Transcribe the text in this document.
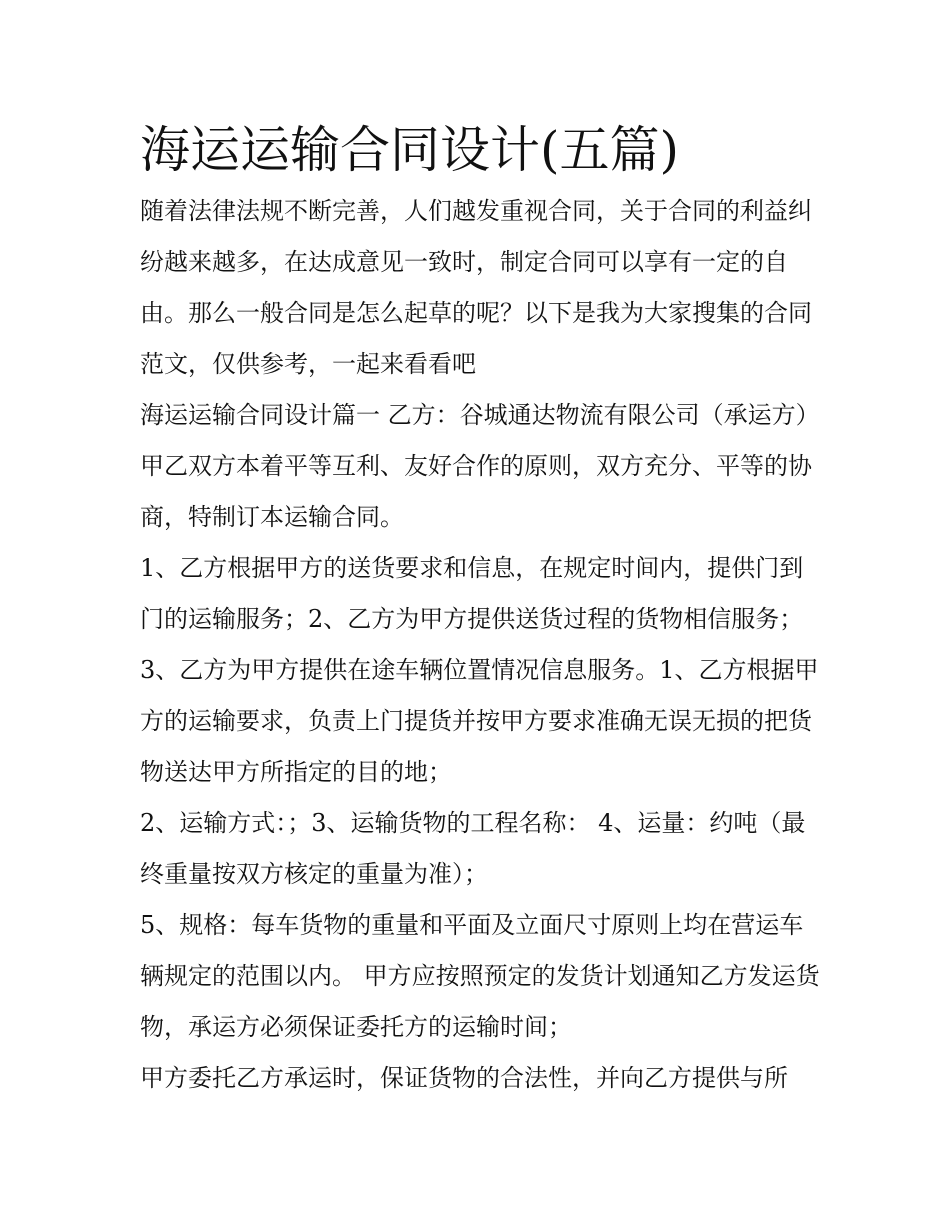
海运运输合同设计(五篇)

随着法律法规不断完善，人们越发重视合同，关于合同的利益纠纷越来越多，在达成意见一致时，制定合同可以享有一定的自由。那么一般合同是怎么起草的呢？以下是我为大家搜集的合同范文，仅供参考，一起来看看吧

海运运输合同设计篇一 乙方：谷城通达物流有限公司（承运方） 甲乙双方本着平等互利、友好合作的原则，双方充分、平等的协商，特制订本运输合同。

1、乙方根据甲方的送货要求和信息，在规定时间内，提供门到门的运输服务；2、乙方为甲方提供送货过程的货物相信服务；3、乙方为甲方提供在途车辆位置情况信息服务。1、乙方根据甲方的运输要求，负责上门提货并按甲方要求准确无误无损的把货物送达甲方所指定的目的地；

2、运输方式：；3、运输货物的工程名称： 4、运量：约吨（最终重量按双方核定的重量为准）；

5、规格：每车货物的重量和平面及立面尺寸原则上均在营运车辆规定的范围以内。 甲方应按照预定的发货计划通知乙方发运货物，承运方必须保证委托方的运输时间；

甲方委托乙方承运时，保证货物的合法性，并向乙方提供与所
